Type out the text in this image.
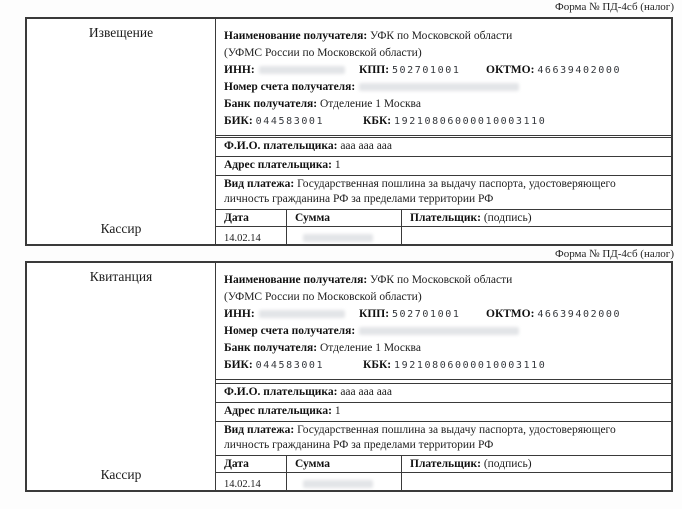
Форма № ПД-4сб (налог)
Извещение
Кассир
Наименование получателя: УФК по Московской области
(УФМС России по Московской области)
ИНН:	КПП: 502701001 ОКТМО: 46639402000
Номер счета получателя:
Банк получателя: Отделение 1 Москва
БИК: 044583001	КБК: 19210806000010003110
Ф.И.О. плательщика: ааа ааа ааа
Адрес плательщика: 1
Вид платежа: Государственная пошлина за выдачу паспорта, удостоверяющего личность гражданина РФ за пределами территории РФ
Дата	Сумма	Плательщик: (подпись)
14.02.14
Форма № ПД-4сб (налог)
Квитанция
Кассир
Наименование получателя: УФК по Московской области
(УФМС России по Московской области)
ИНН:	КПП: 502701001 ОКТМО: 46639402000
Номер счета получателя:
Банк получателя: Отделение 1 Москва
БИК: 044583001	КБК: 19210806000010003110
Ф.И.О. плательщика: ааа ааа ааа
Адрес плательщика: 1
Вид платежа: Государственная пошлина за выдачу паспорта, удостоверяющего личность гражданина РФ за пределами территории РФ
Дата	Сумма	Плательщик: (подпись)
14.02.14
